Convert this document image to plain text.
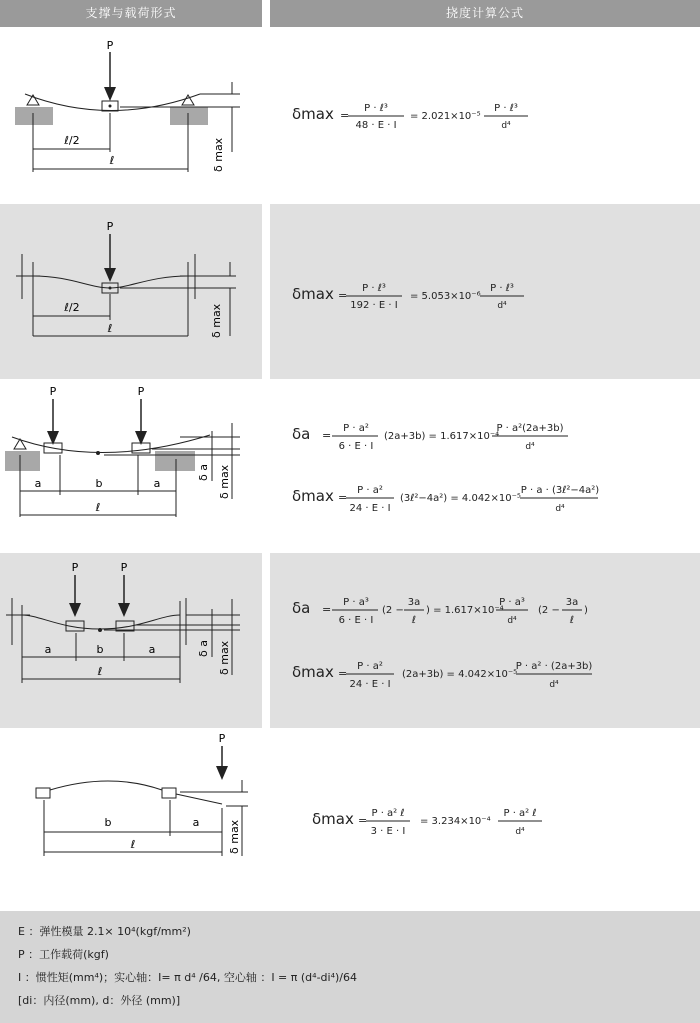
支撑与载荷形式	挠度计算公式
P
ℓ/2
ℓ	δ max
δmax =
P · ℓ³
48 · E · I
= 2.021×10⁻⁵
P · ℓ³
d⁴
P
ℓ/2
ℓ	δ max
δmax =
P · ℓ³
192 · E · I
= 5.053×10⁻⁶
P · ℓ³
d⁴
P	P
a	b	a
ℓ
δ a δ max
δa =
P · a²
6 · E · I
(2a+3b) = 1.617×10⁻⁴
P · a²(2a+3b)
d⁴
δmax =
P · a²
24 · E · I
(3ℓ²−4a²) = 4.042×10⁻⁵
P · a · (3ℓ²−4a²)
d⁴
P	P
a	b	a
ℓ
δ a δ max
δa =
P · a³
6 · E · I
(2 −
3a
ℓ
) = 1.617×10⁻⁴
P · a³
d⁴
(2 −
3a
ℓ
)
δmax =
P · a²
24 · E · I
(2a+3b) = 4.042×10⁻⁵
P · a² · (2a+3b)
d⁴
P
b	a
ℓ	δ max
δmax =
P · a² ℓ
3 · E · I
= 3.234×10⁻⁴
P · a² ℓ
d⁴
E ：弹性模量 2.1× 10⁴(kgf/mm²)
P ：工作载荷(kgf)
I ：惯性矩(mm⁴)；实心轴：I= π d⁴ /64, 空心轴 ：I = π (d⁴-di⁴)/64
[di：内径(mm), d：外径 (mm)]
